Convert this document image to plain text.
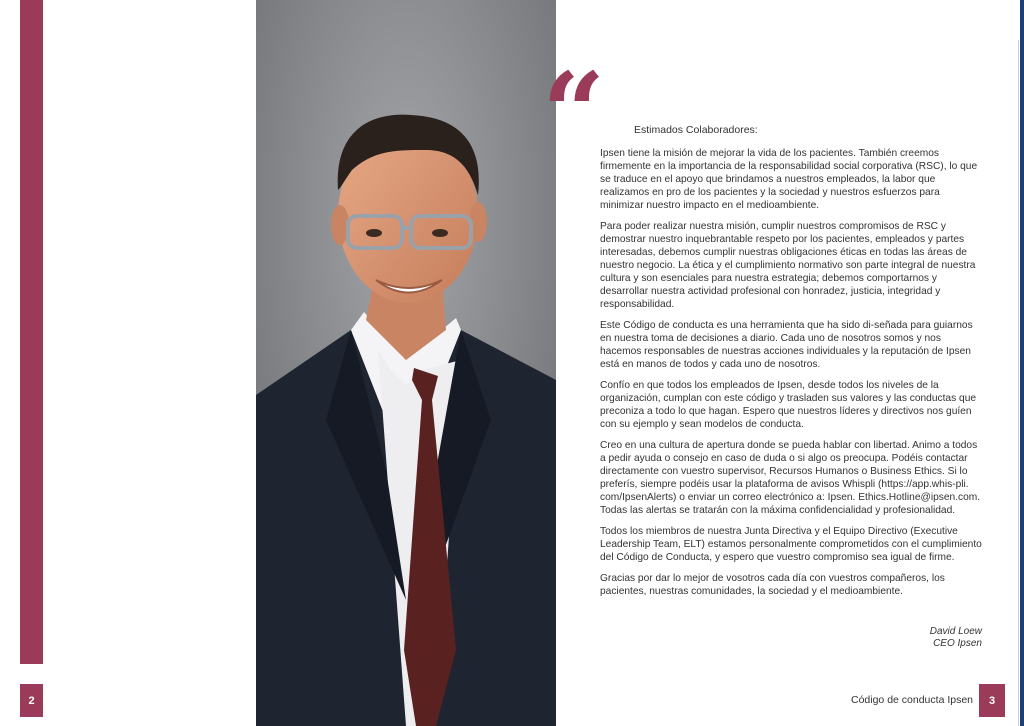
2
“	Estimados Colaboradores:

Ipsen tiene la misión de mejorar la vida de los pacientes. También creemos firmemente en la importancia de la responsabilidad social corporativa (RSC), lo que se traduce en el apoyo que brindamos a nuestros empleados, la labor que realizamos en pro de los pacientes y la sociedad y nuestros esfuerzos para minimizar nuestro impacto en el medioambiente.

Para poder realizar nuestra misión, cumplir nuestros compromisos de RSC y demostrar nuestro inquebrantable respeto por los pacientes, empleados y partes interesadas, debemos cumplir nuestras obligaciones éticas en todas las áreas de nuestro negocio. La ética y el cumplimiento normativo son parte integral de nuestra cultura y son esenciales para nuestra estrategia; debemos comportarnos y desarrollar nuestra actividad profesional con honradez, justicia, integridad y responsabilidad.

Este Código de conducta es una herramienta que ha sido di-señada para guiarnos en nuestra toma de decisiones a diario. Cada uno de nosotros somos y nos hacemos responsables de nuestras acciones individuales y la reputación de Ipsen está en manos de todos y cada uno de nosotros.

Confío en que todos los empleados de Ipsen, desde todos los niveles de la organización, cumplan con este código y trasladen sus valores y las conductas que preconiza a todo lo que hagan. Espero que nuestros líderes y directivos nos guíen con su ejemplo y sean modelos de conducta.

Creo en una cultura de apertura donde se pueda hablar con libertad. Animo a todos a pedir ayuda o consejo en caso de duda o si algo os preocupa. Podéis contactar directamente con vuestro supervisor, Recursos Humanos o Business Ethics. Si lo preferís, siempre podéis usar la plataforma de avisos Whispli (https://app.whis-pli. com/IpsenAlerts) o enviar un correo electrónico a: Ipsen. Ethics.Hotline@ipsen.com. Todas las alertas se tratarán con la máxima confidencialidad y profesionalidad.

Todos los miembros de nuestra Junta Directiva y el Equipo Directivo (Executive Leadership Team, ELT) estamos personalmente comprometidos con el cumplimiento del Código de Conducta, y espero que vuestro compromiso sea igual de firme.

Gracias por dar lo mejor de vosotros cada día con vuestros compañeros, los pacientes, nuestras comunidades, la sociedad y el medioambiente.

David Loew
CEO Ipsen
Código de conducta Ipsen	3
